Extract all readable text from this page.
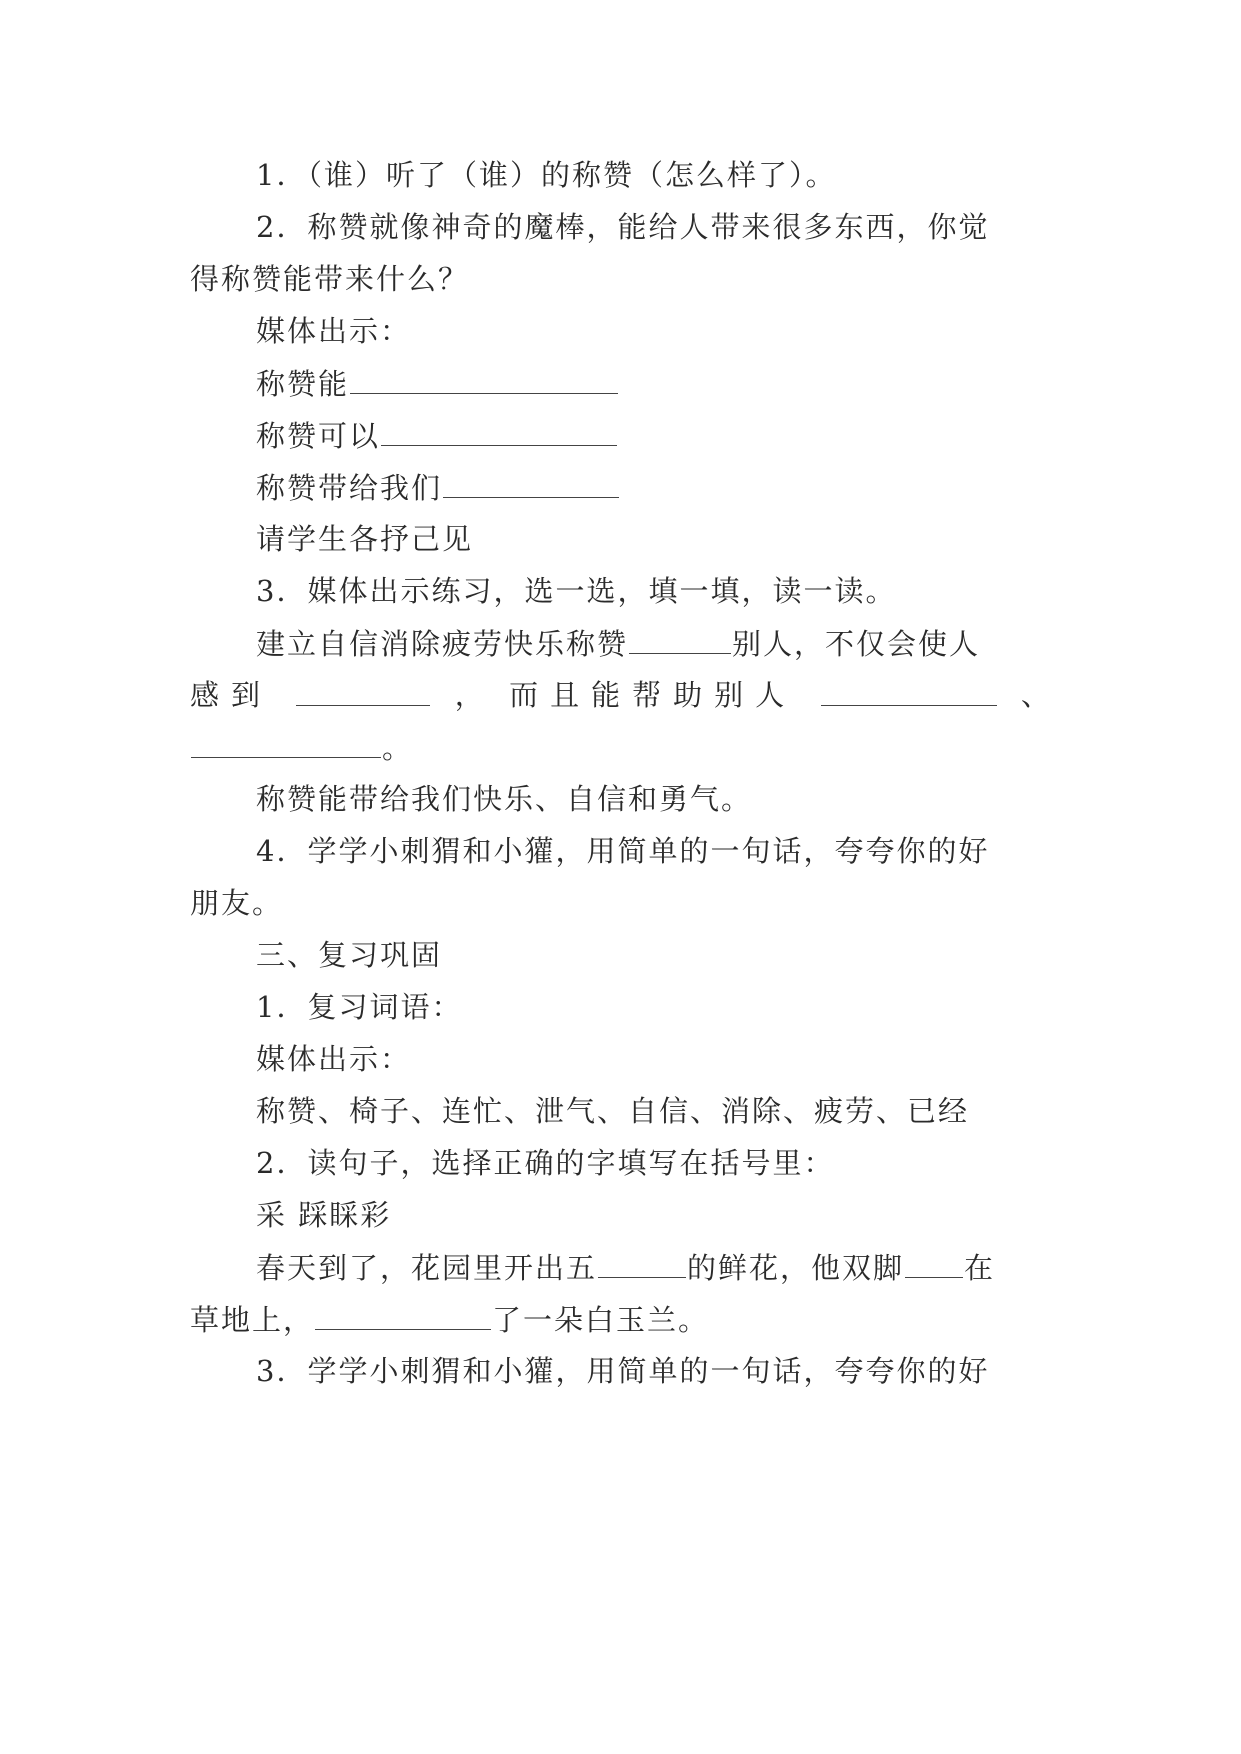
1．（谁）听了（谁）的称赞（怎么样了）。
2．称赞就像神奇的魔棒，能给人带来很多东西，你觉
得称赞能带来什么？
媒体出示：
称赞能
称赞可以
称赞带给我们
请学生各抒己见
3．媒体出示练习，选一选，填一填，读一读。
建立自信消除疲劳快乐称赞	别人，不仅会使人
感到	， 而且能帮助别人	、
。
称赞能带给我们快乐、自信和勇气。
4．学学小刺猬和小獾，用简单的一句话，夸夸你的好
朋友。
三、复习巩固
1．复习词语：
媒体出示：
称赞、椅子、连忙、泄气、自信、消除、疲劳、已经
2．读句子，选择正确的字填写在括号里：
采 踩睬彩
春天到了，花园里开出五	的鲜花，他双脚 在
草地上，	了一朵白玉兰。
3．学学小刺猬和小獾，用简单的一句话，夸夸你的好
